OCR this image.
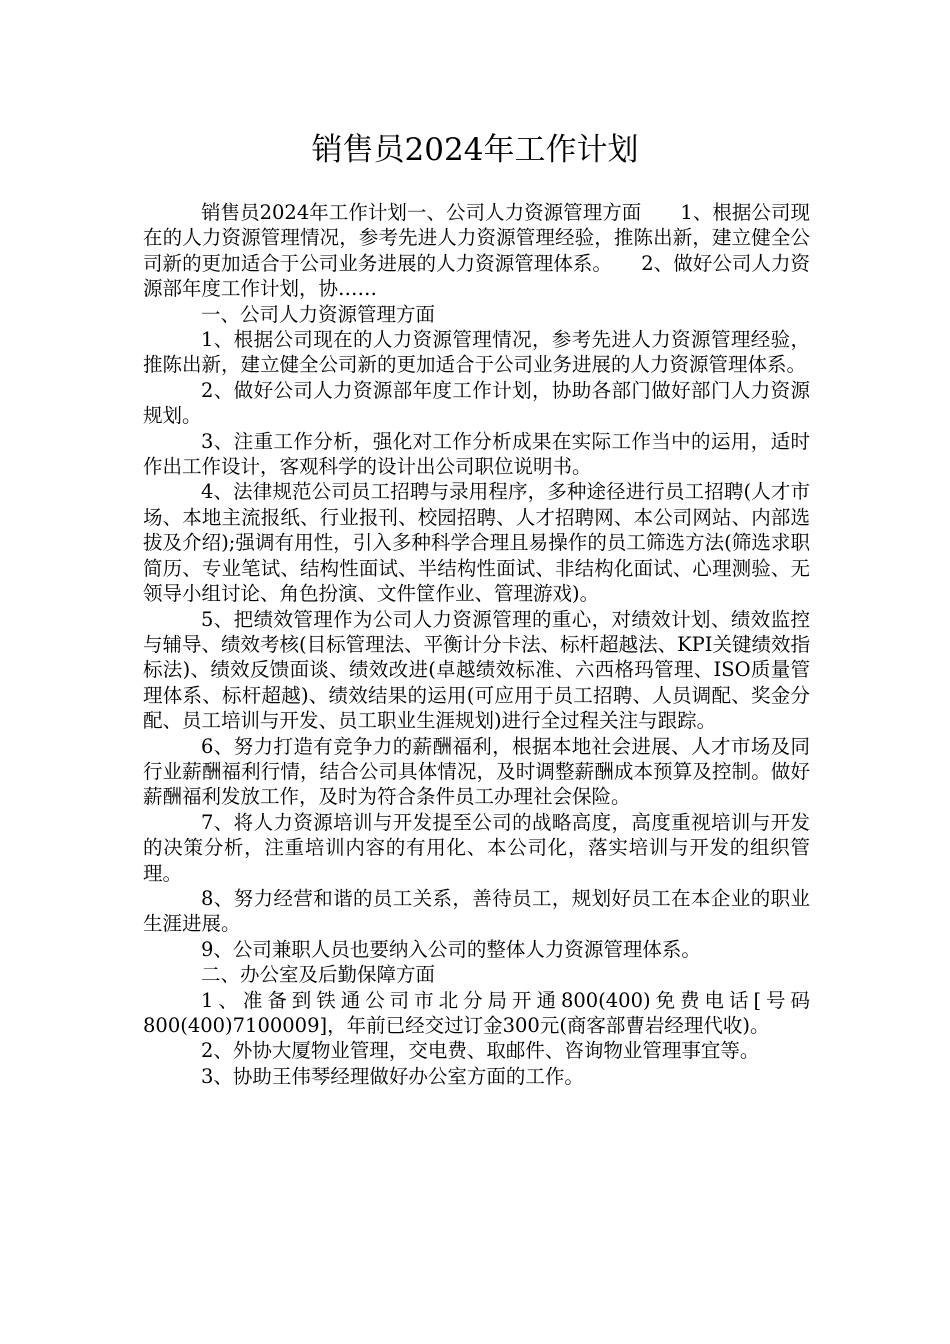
销售员2024年工作计划

销售员2024年工作计划一、公司人力资源管理方面　　1、根据公司现在的人力资源管理情况，参考先进人力资源管理经验，推陈出新，建立健全公司新的更加适合于公司业务进展的人力资源管理体系。　　2、做好公司人力资源部年度工作计划，协……

一、公司人力资源管理方面

1、根据公司现在的人力资源管理情况，参考先进人力资源管理经验，推陈出新，建立健全公司新的更加适合于公司业务进展的人力资源管理体系。

2、做好公司人力资源部年度工作计划，协助各部门做好部门人力资源规划。

3、注重工作分析，强化对工作分析成果在实际工作当中的运用，适时作出工作设计，客观科学的设计出公司职位说明书。

4、法律规范公司员工招聘与录用程序，多种途径进行员工招聘(人才市场、本地主流报纸、行业报刊、校园招聘、人才招聘网、本公司网站、内部选拔及介绍);强调有用性，引入多种科学合理且易操作的员工筛选方法(筛选求职简历、专业笔试、结构性面试、半结构性面试、非结构化面试、心理测验、无领导小组讨论、角色扮演、文件筐作业、管理游戏)。

5、把绩效管理作为公司人力资源管理的重心，对绩效计划、绩效监控与辅导、绩效考核(目标管理法、平衡计分卡法、标杆超越法、KPI关键绩效指标法)、绩效反馈面谈、绩效改进(卓越绩效标准、六西格玛管理、ISO质量管理体系、标杆超越)、绩效结果的运用(可应用于员工招聘、人员调配、奖金分配、员工培训与开发、员工职业生涯规划)进行全过程关注与跟踪。

6、努力打造有竞争力的薪酬福利，根据本地社会进展、人才市场及同行业薪酬福利行情，结合公司具体情况，及时调整薪酬成本预算及控制。做好薪酬福利发放工作，及时为符合条件员工办理社会保险。

7、将人力资源培训与开发提至公司的战略高度，高度重视培训与开发的决策分析，注重培训内容的有用化、本公司化，落实培训与开发的组织管理。

8、努力经营和谐的员工关系，善待员工，规划好员工在本企业的职业生涯进展。

9、公司兼职人员也要纳入公司的整体人力资源管理体系。

二、办公室及后勤保障方面

1、准备到铁通公司市北分局开通800(400)免费电话[号码800(400)7100009]，年前已经交过订金300元(商客部曹岩经理代收)。

2、外协大厦物业管理，交电费、取邮件、咨询物业管理事宜等。

3、协助王伟琴经理做好办公室方面的工作。
